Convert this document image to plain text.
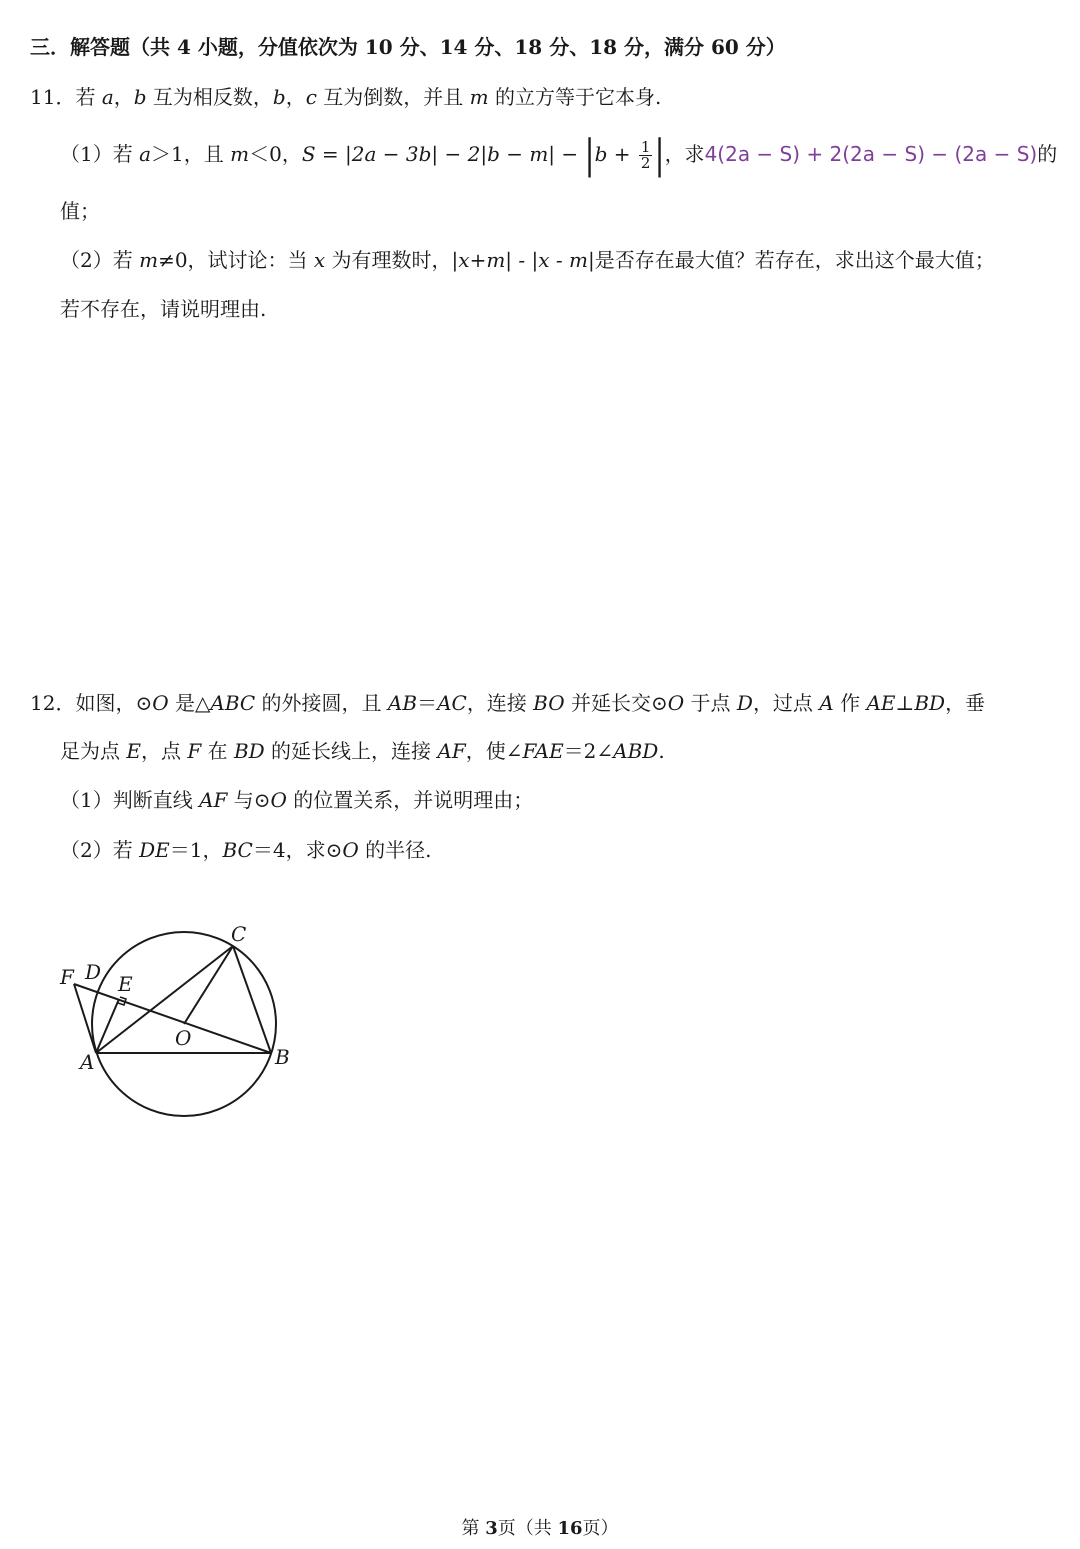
三．解答题（共 4 小题，分值依次为 10 分、14 分、18 分、18 分，满分 60 分）
11．若 a，b 互为相反数，b，c 互为倒数，并且 m 的立方等于它本身.
（1）若 a＞1，且 m＜0，$S = |2a - 3b| - 2|b - m| - |b + \frac{1}{2}$ |，求4(2a − S) + 2(2a − S) − (2a − S)的
值；
（2）若 m≠0，试讨论：当 x 为有理数时，|x+m| - |x - m|是否存在最大值？若存在，求出这个最大值；
若不存在，请说明理由.
12．如图，⊙O 是△ABC 的外接圆，且 AB＝AC，连接 BO 并延长交⊙O 于点 D，过点 A 作 AE⊥BD，垂
足为点 E，点 F 在 BD 的延长线上，连接 AF，使∠FAE＝2∠ABD.
（1）判断直线 AF 与⊙O 的位置关系，并说明理由；
（2）若 DE＝1，BC＝4，求⊙O 的半径.
F D E
C
O
A	B
第 3页（共 16页）
